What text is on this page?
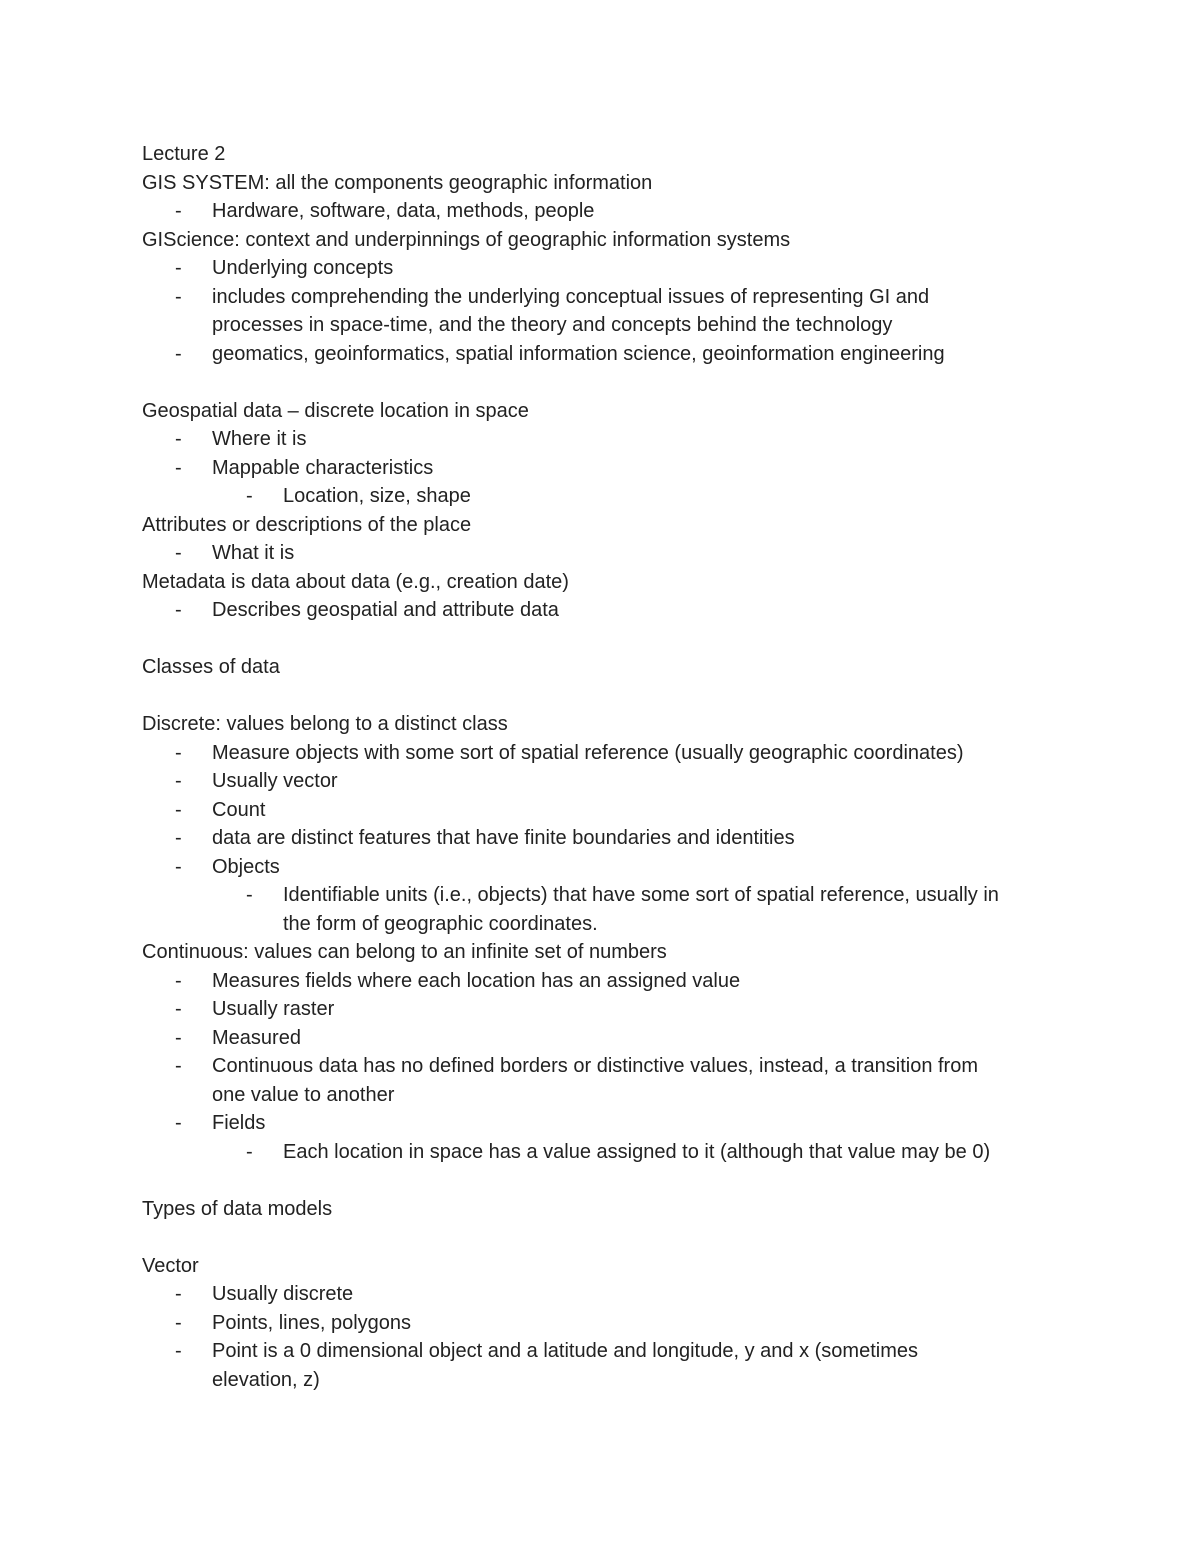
Lecture 2
GIS SYSTEM: all the components geographic information
- Hardware, software, data, methods, people
GIScience: context and underpinnings of geographic information systems
- Underlying concepts
- includes comprehending the underlying conceptual issues of representing GI and
processes in space-time, and the theory and concepts behind the technology
- geomatics, geoinformatics, spatial information science, geoinformation engineering
Geospatial data – discrete location in space
- Where it is
- Mappable characteristics
- Location, size, shape
Attributes or descriptions of the place
- What it is
Metadata is data about data (e.g., creation date)
- Describes geospatial and attribute data
Classes of data
Discrete: values belong to a distinct class
- Measure objects with some sort of spatial reference (usually geographic coordinates)
- Usually vector
- Count
- data are distinct features that have finite boundaries and identities
- Objects
- Identifiable units (i.e., objects) that have some sort of spatial reference, usually in
the form of geographic coordinates.
Continuous: values can belong to an infinite set of numbers
- Measures fields where each location has an assigned value
- Usually raster
- Measured
- Continuous data has no defined borders or distinctive values, instead, a transition from
one value to another
- Fields
- Each location in space has a value assigned to it (although that value may be 0)
Types of data models
Vector
- Usually discrete
- Points, lines, polygons
- Point is a 0 dimensional object and a latitude and longitude, y and x (sometimes
elevation, z)
